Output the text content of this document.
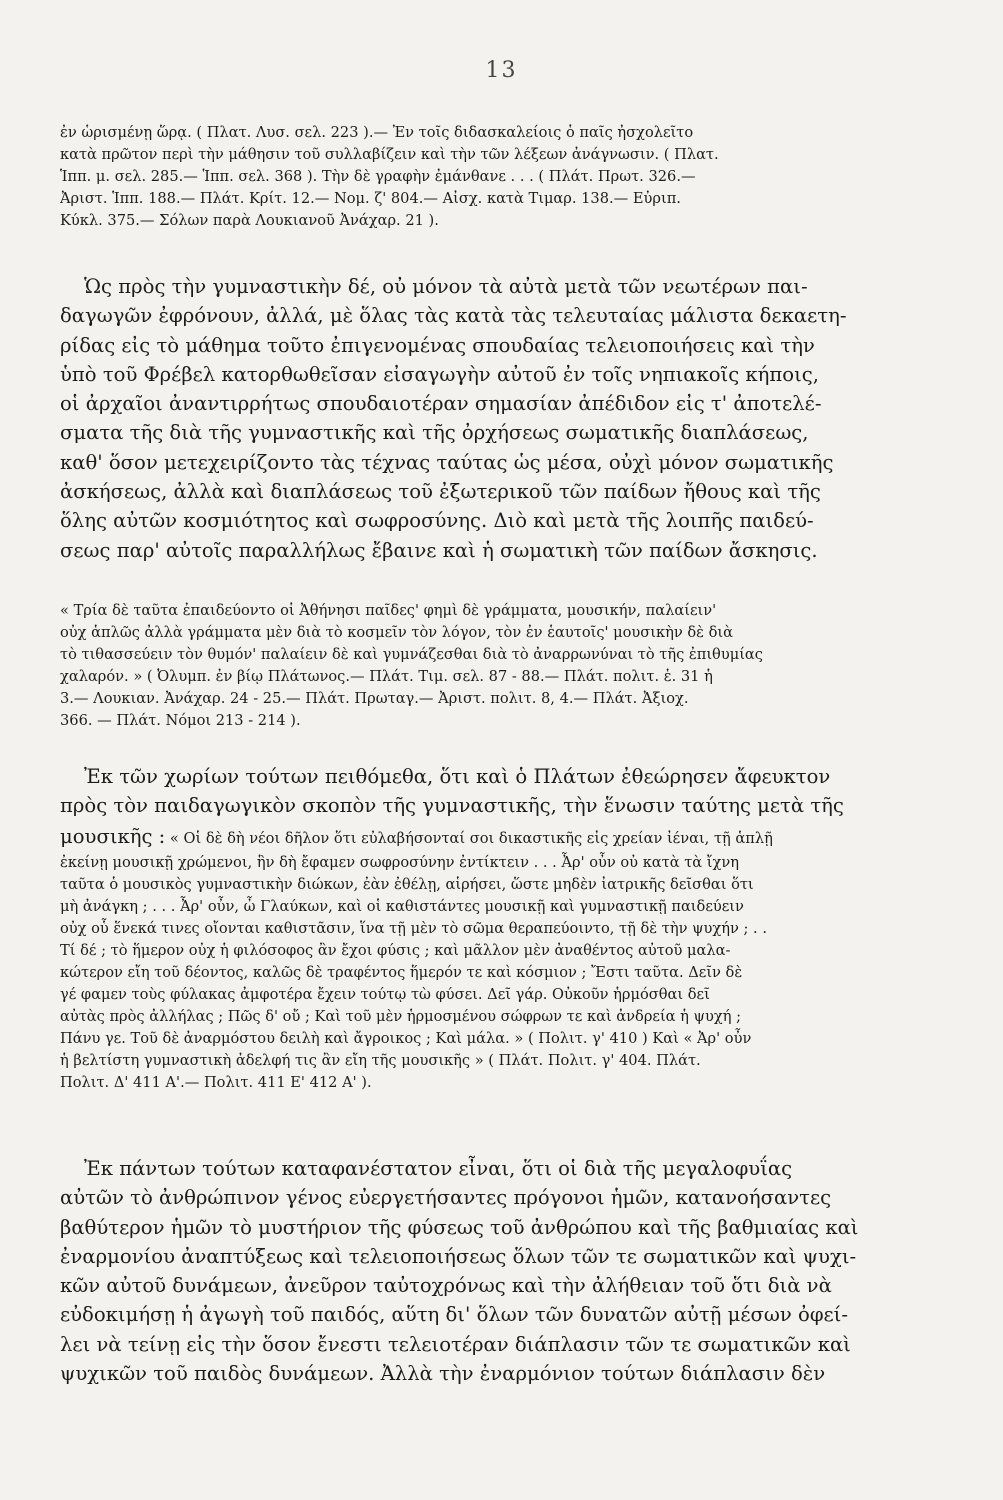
13
ἐν ὡρισμένῃ ὥρᾳ. ( Πλατ. Λυσ. σελ. 223 ).— Ἐν τοῖς διδασκαλείοις ὁ παῖς ἠσχολεῖτο
κατὰ πρῶτον περὶ τὴν μάθησιν τοῦ συλλαβίζειν καὶ τὴν τῶν λέξεων ἀνάγνωσιν. ( Πλατ.
Ἱππ. μ. σελ. 285.— Ἱππ. σελ. 368 ). Τὴν δὲ γραφὴν ἐμάνθανε . . . ( Πλάτ. Πρωτ. 326.—
Ἀριστ. Ἱππ. 188.— Πλάτ. Κρίτ. 12.— Νομ. ζ' 804.— Αἰσχ. κατὰ Τιμαρ. 138.— Εὐριπ.
Κύκλ. 375.— Σόλων παρὰ Λουκιανοῦ Ἀνάχαρ. 21 ).
Ὡς πρὸς τὴν γυμναστικὴν δέ, οὐ μόνον τὰ αὐτὰ μετὰ τῶν νεωτέρων παι-
δαγωγῶν ἐφρόνουν, ἀλλά, μὲ ὅλας τὰς κατὰ τὰς τελευταίας μάλιστα δεκαετη-
ρίδας εἰς τὸ μάθημα τοῦτο ἐπιγενομένας σπουδαίας τελειοποιήσεις καὶ τὴν
ὑπὸ τοῦ Φρέβελ κατορθωθεῖσαν εἰσαγωγὴν αὐτοῦ ἐν τοῖς νηπιακοῖς κήποις,
οἱ ἀρχαῖοι ἀναντιρρήτως σπουδαιοτέραν σημασίαν ἀπέδιδον εἰς τ' ἀποτελέ-
σματα τῆς διὰ τῆς γυμναστικῆς καὶ τῆς ὀρχήσεως σωματικῆς διαπλάσεως,
καθ' ὅσον μετεχειρίζοντο τὰς τέχνας ταύτας ὡς μέσα, οὐχὶ μόνον σωματικῆς
ἀσκήσεως, ἀλλὰ καὶ διαπλάσεως τοῦ ἐξωτερικοῦ τῶν παίδων ἤθους καὶ τῆς
ὅλης αὐτῶν κοσμιότητος καὶ σωφροσύνης. Διὸ καὶ μετὰ τῆς λοιπῆς παιδεύ-
σεως παρ' αὐτοῖς παραλλήλως ἔβαινε καὶ ἡ σωματικὴ τῶν παίδων ἄσκησις.
« Τρία δὲ ταῦτα ἐπαιδεύοντο οἱ Ἀθήνησι παῖδες' φημὶ δὲ γράμματα, μουσικήν, παλαίειν'
οὐχ ἁπλῶς ἀλλὰ γράμματα μὲν διὰ τὸ κοσμεῖν τὸν λόγον, τὸν ἐν ἑαυτοῖς' μουσικὴν δὲ διὰ
τὸ τιθασσεύειν τὸν θυμόν' παλαίειν δὲ καὶ γυμνάζεσθαι διὰ τὸ ἀναρρωνύναι τὸ τῆς ἐπιθυμίας
χαλαρόν. » ( Ὀλυμπ. ἐν βίῳ Πλάτωνος.— Πλάτ. Τιμ. σελ. 87 - 88.— Πλάτ. πολιτ. ἑ. 31 ἡ
3.— Λουκιαν. Ἀνάχαρ. 24 - 25.— Πλάτ. Πρωταγ.— Ἀριστ. πολιτ. 8, 4.— Πλάτ. Ἀξιοχ.
366. — Πλάτ. Νόμοι 213 - 214 ).
Ἐκ τῶν χωρίων τούτων πειθόμεθα, ὅτι καὶ ὁ Πλάτων ἐθεώρησεν ἄφευκτον
πρὸς τὸν παιδαγωγικὸν σκοπὸν τῆς γυμναστικῆς, τὴν ἕνωσιν ταύτης μετὰ τῆς
μουσικῆς : « Οἱ δὲ δὴ νέοι δῆλον ὅτι εὐλαβήσονταί σοι δικαστικῆς εἰς χρείαν ἰέναι, τῇ ἁπλῇ
ἐκείνῃ μουσικῇ χρώμενοι, ἣν δὴ ἔφαμεν σωφροσύνην ἐντίκτειν . . . Ἆρ' οὖν οὐ κατὰ τὰ ἴχνη
ταῦτα ὁ μουσικὸς γυμναστικὴν διώκων, ἐὰν ἐθέλῃ, αἱρήσει, ὥστε μηδὲν ἰατρικῆς δεῖσθαι ὅτι
μὴ ἀνάγκη ; . . . Ἆρ' οὖν, ὦ Γλαύκων, καὶ οἱ καθιστάντες μουσικῇ καὶ γυμναστικῇ παιδεύειν
οὐχ οὗ ἕνεκά τινες οἴονται καθιστᾶσιν, ἵνα τῇ μὲν τὸ σῶμα θεραπεύοιντο, τῇ δὲ τὴν ψυχήν ; . .
Τί δέ ; τὸ ἥμερον οὐχ ἡ φιλόσοφος ἂν ἔχοι φύσις ; καὶ μᾶλλον μὲν ἀναθέντος αὐτοῦ μαλα-
κώτερον εἴη τοῦ δέοντος, καλῶς δὲ τραφέντος ἥμερόν τε καὶ κόσμιον ; Ἔστι ταῦτα. Δεῖν δὲ
γέ φαμεν τοὺς φύλακας ἀμφοτέρα ἔχειν τούτῳ τὼ φύσει. Δεῖ γάρ. Οὐκοῦν ἡρμόσθαι δεῖ
αὐτὰς πρὸς ἀλλήλας ; Πῶς δ' οὔ ; Καὶ τοῦ μὲν ἡρμοσμένου σώφρων τε καὶ ἀνδρεία ἡ ψυχή ;
Πάνυ γε. Τοῦ δὲ ἀναρμόστου δειλὴ καὶ ἄγροικος ; Καὶ μάλα. » ( Πολιτ. γ' 410 ) Καὶ « Ἀρ' οὖν
ἡ βελτίστη γυμναστικὴ ἀδελφή τις ἂν εἴη τῆς μουσικῆς » ( Πλάτ. Πολιτ. γ' 404. Πλάτ.
Πολιτ. Δ' 411 Α'.— Πολιτ. 411 Ε' 412 Α' ).
Ἐκ πάντων τούτων καταφανέστατον εἶναι, ὅτι οἱ διὰ τῆς μεγαλοφυΐας
αὐτῶν τὸ ἀνθρώπινον γένος εὐεργετήσαντες πρόγονοι ἡμῶν, κατανοήσαντες
βαθύτερον ἡμῶν τὸ μυστήριον τῆς φύσεως τοῦ ἀνθρώπου καὶ τῆς βαθμιαίας καὶ
ἐναρμονίου ἀναπτύξεως καὶ τελειοποιήσεως ὅλων τῶν τε σωματικῶν καὶ ψυχι-
κῶν αὐτοῦ δυνάμεων, ἀνεῦρον ταὐτοχρόνως καὶ τὴν ἀλήθειαν τοῦ ὅτι διὰ νὰ
εὐδοκιμήσῃ ἡ ἀγωγὴ τοῦ παιδός, αὕτη δι' ὅλων τῶν δυνατῶν αὐτῇ μέσων ὀφεί-
λει νὰ τείνῃ εἰς τὴν ὅσον ἔνεστι τελειοτέραν διάπλασιν τῶν τε σωματικῶν καὶ
ψυχικῶν τοῦ παιδὸς δυνάμεων. Ἀλλὰ τὴν ἐναρμόνιον τούτων διάπλασιν δὲν
